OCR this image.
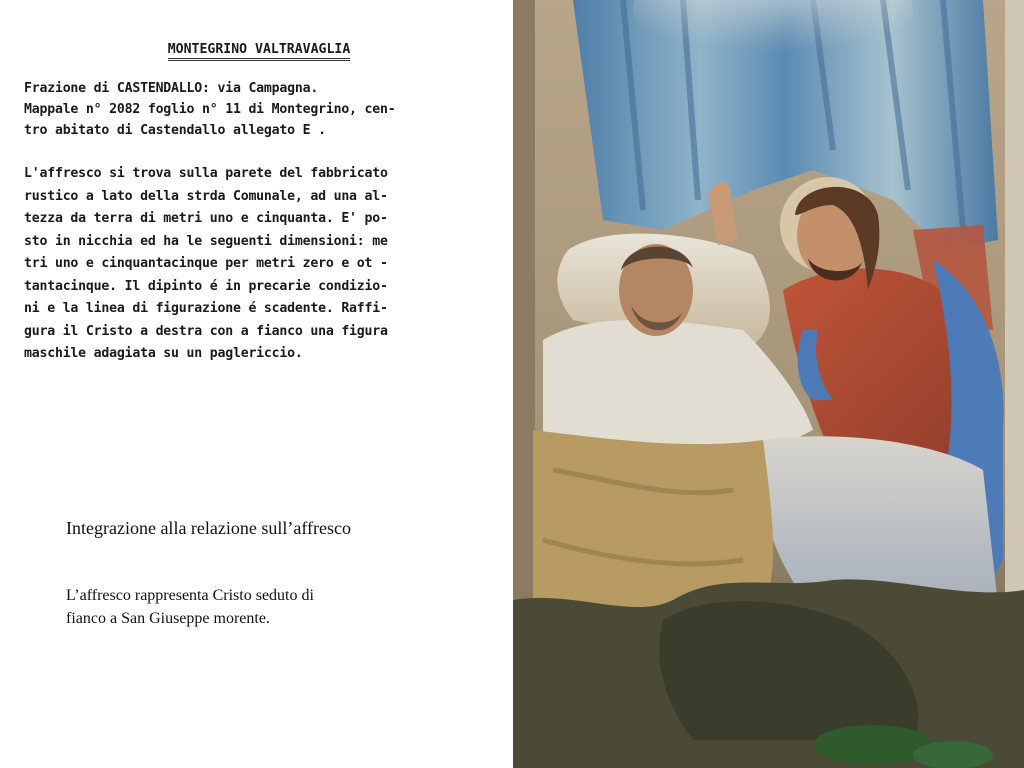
MONTEGRINO VALTRAVAGLIA
Frazione di CASTENDALLO: via Campagna.
Mappale n° 2082 foglio n° 11 di Montegrino, cen-
tro abitato di Castendallo allegato E .
L'affresco si trova sulla parete del fabbricato
rustico a lato della strda Comunale, ad una al-
tezza da terra di metri uno e cinquanta. E' po-
sto in nicchia ed ha le seguenti dimensioni: me
tri uno e cinquantacinque per metri zero e ot -
tantacinque. Il dipinto é in precarie condizio-
ni e la linea di figurazione é scadente. Raffi-
gura il Cristo a destra con a fianco una figura
maschile adagiata su un paglericcio.
Integrazione alla relazione sull’affresco
L’affresco rappresenta Cristo seduto di
fianco a San Giuseppe morente.
